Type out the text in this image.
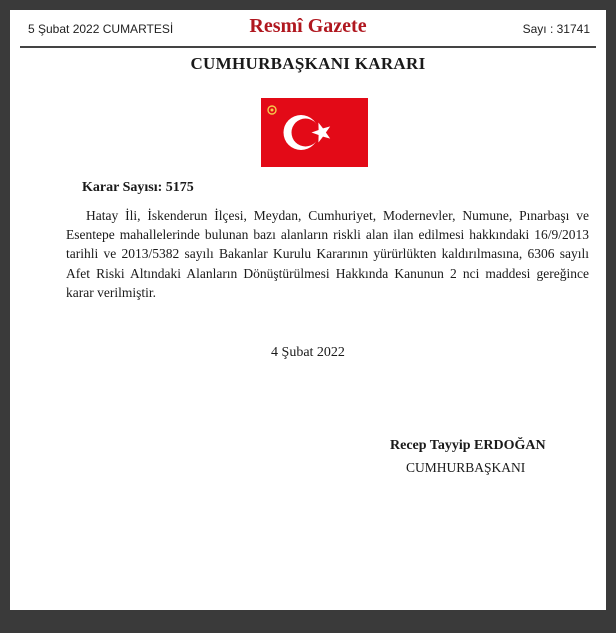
5 Şubat 2022 CUMARTESİ	Resmî Gazete	Sayı : 31741
CUMHURBAŞKANI KARARI
Karar Sayısı: 5175

Hatay İli, İskenderun İlçesi, Meydan, Cumhuriyet, Modernevler, Numune, Pınarbaşı ve Esentepe mahallelerinde bulunan bazı alanların riskli alan ilan edilmesi hakkındaki 16/9/2013 tarihli ve 2013/5382 sayılı Bakanlar Kurulu Kararının yürürlükten kaldırılmasına, 6306 sayılı Afet Riski Altındaki Alanların Dönüştürülmesi Hakkında Kanunun 2 nci maddesi gereğince karar verilmiştir.

4 Şubat 2022
Recep Tayyip ERDOĞAN
CUMHURBAŞKANI
